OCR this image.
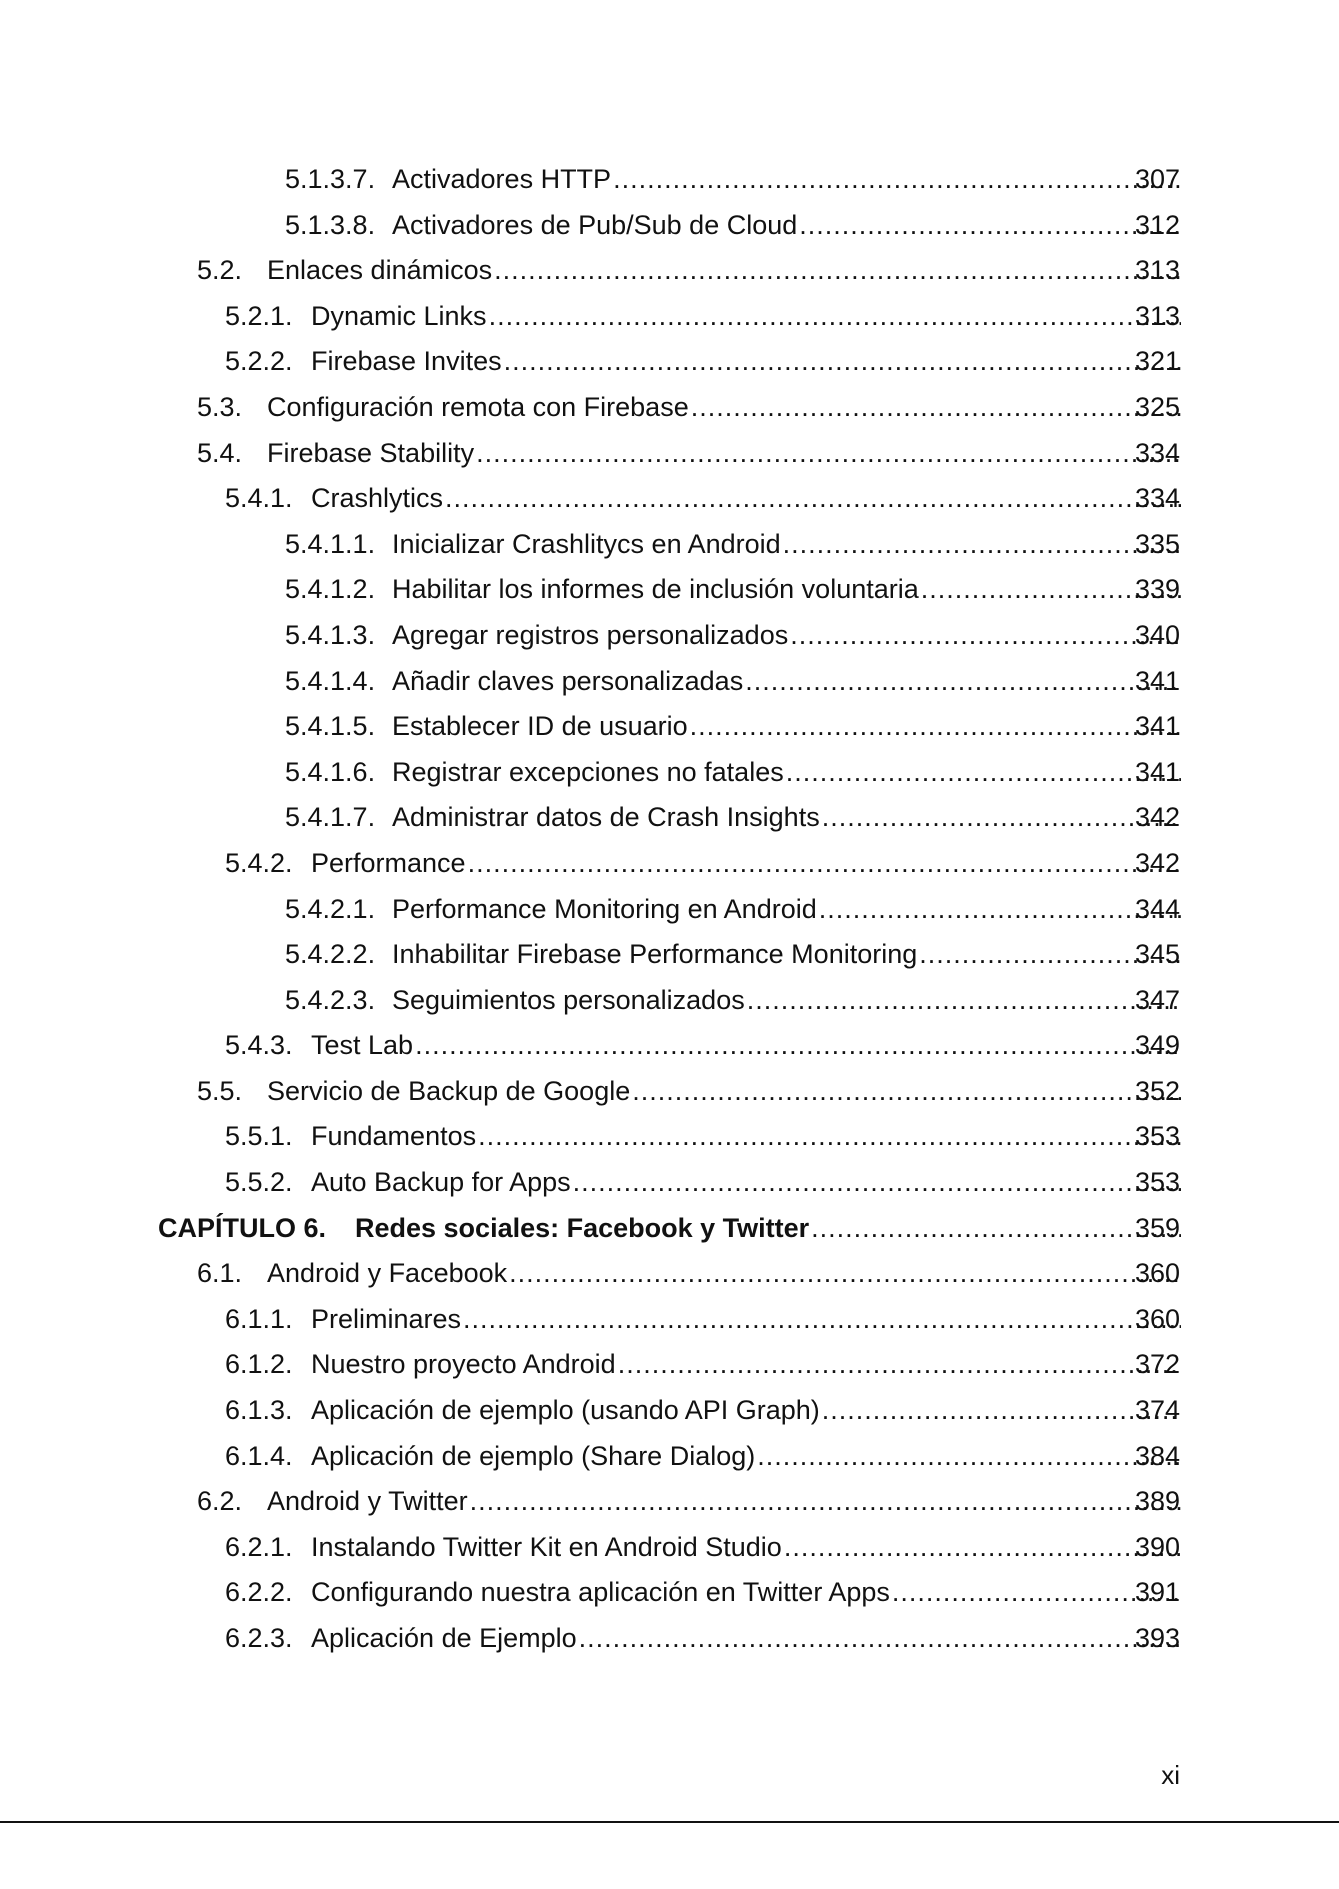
5.1.3.7. Activadores HTTP .....	307
5.1.3.8. Activadores de Pub/Sub de Cloud .....	312
5.2. Enlaces dinámicos .....	313
5.2.1. Dynamic Links .....	313
5.2.2. Firebase Invites .....	321
5.3. Configuración remota con Firebase .....	325
5.4. Firebase Stability .....	334
5.4.1. Crashlytics .....	334
5.4.1.1. Inicializar Crashlitycs en Android .....	335
5.4.1.2. Habilitar los informes de inclusión voluntaria .....	339
5.4.1.3. Agregar registros personalizados .....	340
5.4.1.4. Añadir claves personalizadas .....	341
5.4.1.5. Establecer ID de usuario .....	341
5.4.1.6. Registrar excepciones no fatales .....	341
5.4.1.7. Administrar datos de Crash Insights .....	342
5.4.2. Performance .....	342
5.4.2.1. Performance Monitoring en Android .....	344
5.4.2.2. Inhabilitar Firebase Performance Monitoring .....	345
5.4.2.3. Seguimientos personalizados .....	347
5.4.3. Test Lab .....	349
5.5. Servicio de Backup de Google .....	352
5.5.1. Fundamentos .....	353
5.5.2. Auto Backup for Apps .....	353
CAPÍTULO 6. Redes sociales: Facebook y Twitter .....	359
6.1. Android y Facebook .....	360
6.1.1. Preliminares .....	360
6.1.2. Nuestro proyecto Android .....	372
6.1.3. Aplicación de ejemplo (usando API Graph) .....	374
6.1.4. Aplicación de ejemplo (Share Dialog) .....	384
6.2. Android y Twitter .....	389
6.2.1. Instalando Twitter Kit en Android Studio .....	390
6.2.2. Configurando nuestra aplicación en Twitter Apps .....	391
6.2.3. Aplicación de Ejemplo .....	393
xi
